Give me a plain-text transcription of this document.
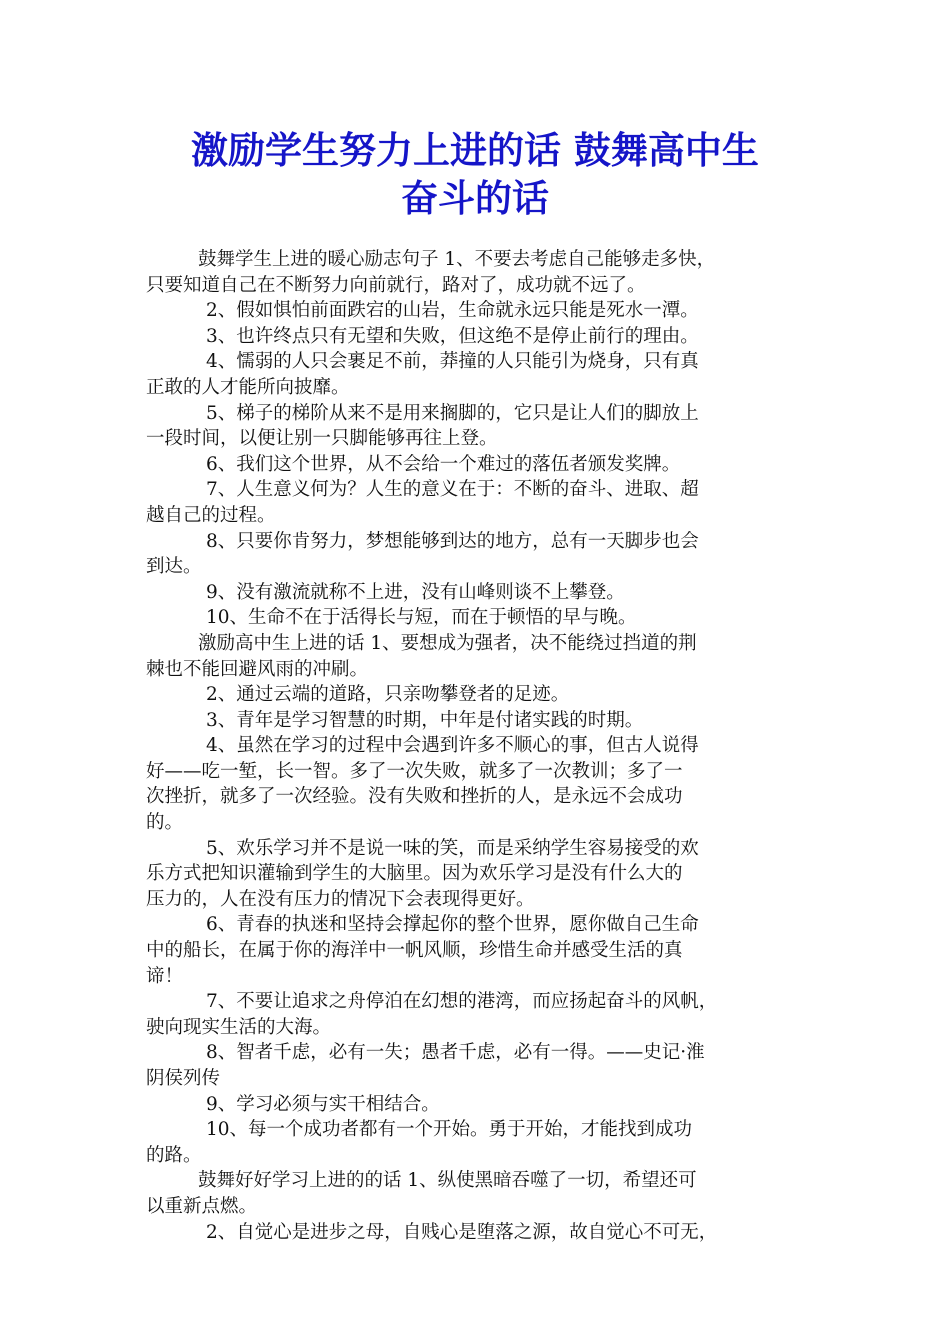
激励学生努力上进的话 鼓舞高中生
奋斗的话
鼓舞学生上进的暖心励志句子 1、不要去考虑自己能够走多快，
只要知道自己在不断努力向前就行，路对了，成功就不远了。
2、假如惧怕前面跌宕的山岩，生命就永远只能是死水一潭。
3、也许终点只有无望和失败，但这绝不是停止前行的理由。
4、懦弱的人只会裹足不前，莽撞的人只能引为烧身，只有真
正敢的人才能所向披靡。
5、梯子的梯阶从来不是用来搁脚的，它只是让人们的脚放上
一段时间，以便让别一只脚能够再往上登。
6、我们这个世界，从不会给一个难过的落伍者颁发奖牌。
7、人生意义何为？人生的意义在于：不断的奋斗、进取、超
越自己的过程。
8、只要你肯努力，梦想能够到达的地方，总有一天脚步也会
到达。
9、没有激流就称不上进，没有山峰则谈不上攀登。
10、生命不在于活得长与短，而在于顿悟的早与晚。
激励高中生上进的话 1、要想成为强者，决不能绕过挡道的荆
棘也不能回避风雨的冲刷。
2、通过云端的道路，只亲吻攀登者的足迹。
3、青年是学习智慧的时期，中年是付诸实践的时期。
4、虽然在学习的过程中会遇到许多不顺心的事，但古人说得
好——吃一堑，长一智。多了一次失败，就多了一次教训；多了一
次挫折，就多了一次经验。没有失败和挫折的人，是永远不会成功
的。
5、欢乐学习并不是说一味的笑，而是采纳学生容易接受的欢
乐方式把知识灌输到学生的大脑里。因为欢乐学习是没有什么大的
压力的，人在没有压力的情况下会表现得更好。
6、青春的执迷和坚持会撑起你的整个世界，愿你做自己生命
中的船长，在属于你的海洋中一帆风顺，珍惜生命并感受生活的真
谛！
7、不要让追求之舟停泊在幻想的港湾，而应扬起奋斗的风帆，
驶向现实生活的大海。
8、智者千虑，必有一失；愚者千虑，必有一得。——史记·淮
阴侯列传
9、学习必须与实干相结合。
10、每一个成功者都有一个开始。勇于开始，才能找到成功
的路。
鼓舞好好学习上进的的话 1、纵使黑暗吞噬了一切，希望还可
以重新点燃。
2、自觉心是进步之母，自贱心是堕落之源，故自觉心不可无，
